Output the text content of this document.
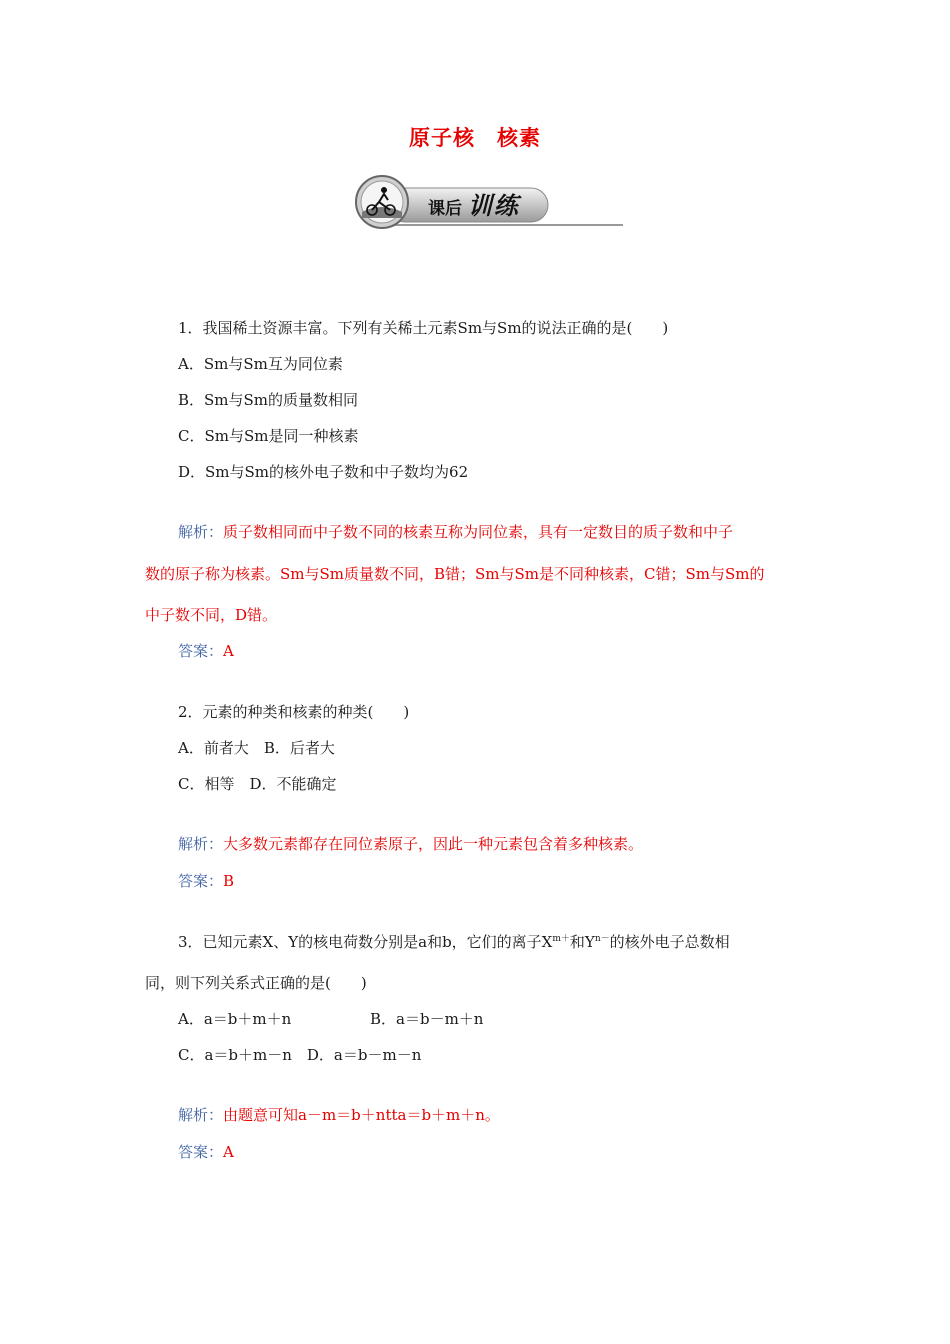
原子核 核素
课后 训练
1．我国稀土资源丰富。下列有关稀土元素Sm与Sm的说法正确的是(　　)
A．Sm与Sm互为同位素
B．Sm与Sm的质量数相同
C．Sm与Sm是同一种核素
D．Sm与Sm的核外电子数和中子数均为62
解析：质子数相同而中子数不同的核素互称为同位素，具有一定数目的质子数和中子
数的原子称为核素。Sm与Sm质量数不同，B错；Sm与Sm是不同种核素，C错；Sm与Sm的
中子数不同，D错。
答案：A
2．元素的种类和核素的种类(　　)
A．前者大　B．后者大
C．相等　D．不能确定
解析：大多数元素都存在同位素原子，因此一种元素包含着多种核素。
答案：B
3．已知元素X、Y的核电荷数分别是a和b，它们的离子$X^{m+}$和$Y^{n-}$的核外电子总数相
同，则下列关系式正确的是(　　)
A．a＝b＋m＋n	B．a＝b－m＋n
C．a＝b＋m－n　D．a＝b－m－n
解析：由题意可知a－m＝b＋ntta＝b＋m＋n。
答案：A
